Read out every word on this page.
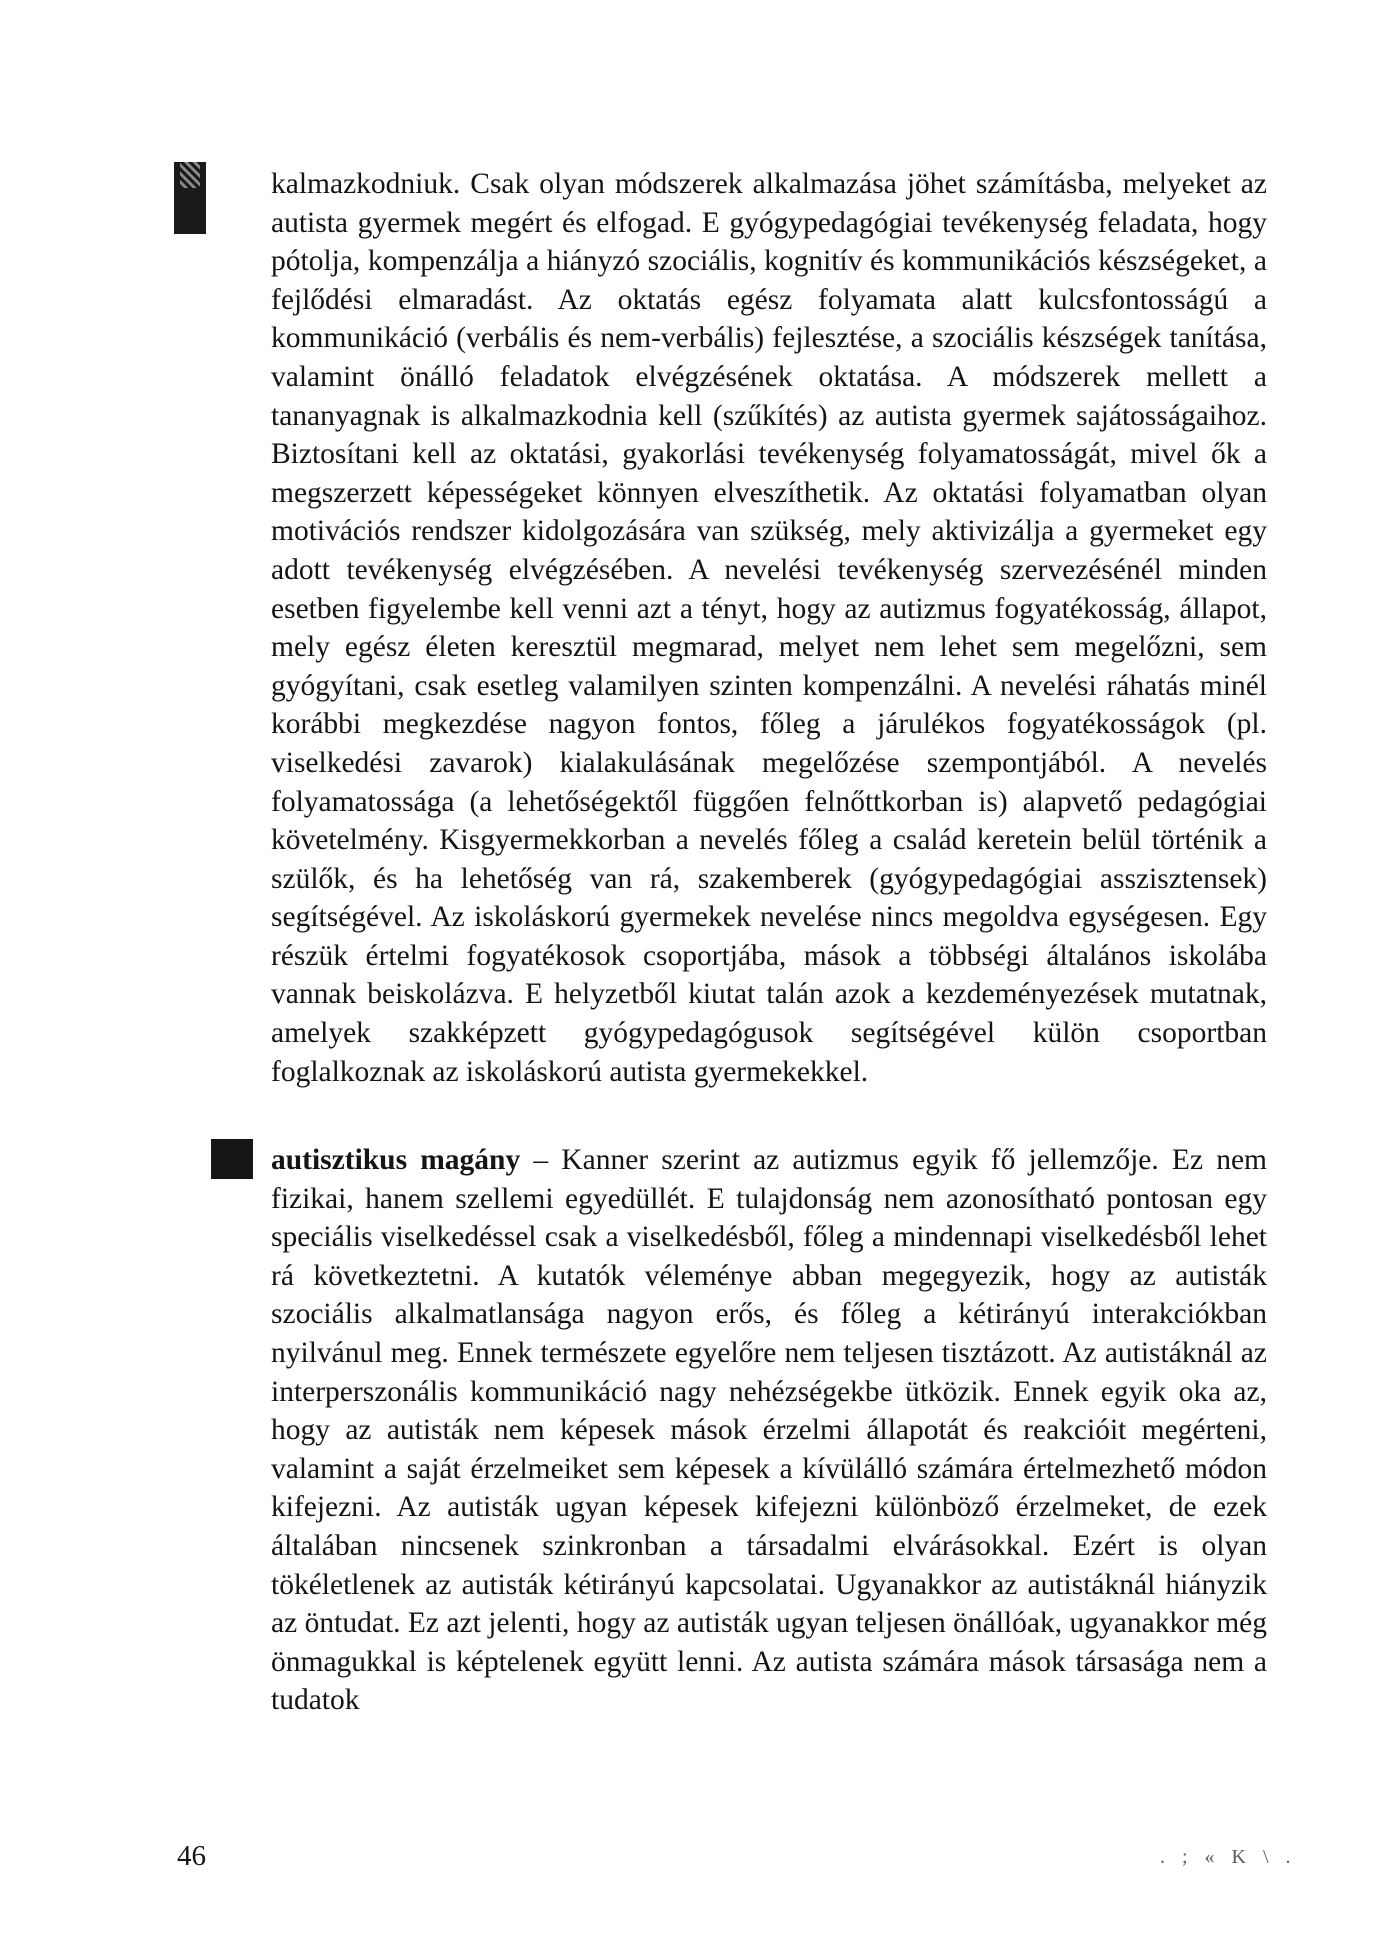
kalmazkodniuk. Csak olyan módszerek alkalmazása jöhet számításba, melyeket az autista gyermek megért és elfogad. E gyógypedagógiai tevékenység feladata, hogy pótolja, kompenzálja a hiányzó szociális, kognitív és kommunikációs készségeket, a fejlődési elmaradást. Az oktatás egész folyamata alatt kulcsfontosságú a kommunikáció (verbális és nem-verbális) fejlesztése, a szociális készségek tanítása, valamint önálló feladatok elvégzésének oktatása. A módszerek mellett a tananyagnak is alkalmazkodnia kell (szűkítés) az autista gyermek sajátosságaihoz. Biztosítani kell az oktatási, gyakorlási tevékenység folyamatosságát, mivel ők a megszerzett képességeket könnyen elveszíthetik. Az oktatási folyamatban olyan motivációs rendszer kidolgozására van szükség, mely aktivizálja a gyermeket egy adott tevékenység elvégzésében. A nevelési tevékenység szervezésénél minden esetben figyelembe kell venni azt a tényt, hogy az autizmus fogyatékosság, állapot, mely egész életen keresztül megmarad, melyet nem lehet sem megelőzni, sem gyógyítani, csak esetleg valamilyen szinten kompenzálni. A nevelési ráhatás minél korábbi megkezdése nagyon fontos, főleg a járulékos fogyatékosságok (pl. viselkedési zavarok) kialakulásának megelőzése szempontjából. A nevelés folyamatossága (a lehetőségektől függően felnőttkorban is) alapvető pedagógiai követelmény. Kisgyermekkorban a nevelés főleg a család keretein belül történik a szülők, és ha lehetőség van rá, szakemberek (gyógypedagógiai asszisztensek) segítségével. Az iskoláskorú gyermekek nevelése nincs megoldva egységesen. Egy részük értelmi fogyatékosok csoportjába, mások a többségi általános iskolába vannak beiskolázva. E helyzetből kiutat talán azok a kezdeményezések mutatnak, amelyek szakképzett gyógypedagógusok segítségével külön csoportban foglalkoznak az iskoláskorú autista gyermekekkel.

autisztikus magány – Kanner szerint az autizmus egyik fő jellemzője. Ez nem fizikai, hanem szellemi egyedüllét. E tulajdonság nem azonosítható pontosan egy speciális viselkedéssel csak a viselkedésből, főleg a mindennapi viselkedésből lehet rá következtetni. A kutatók véleménye abban megegyezik, hogy az autisták szociális alkalmatlansága nagyon erős, és főleg a kétirányú interakciókban nyilvánul meg. Ennek természete egyelőre nem teljesen tisztázott. Az autistáknál az interperszonális kommunikáció nagy nehézségekbe ütközik. Ennek egyik oka az, hogy az autisták nem képesek mások érzelmi állapotát és reakcióit megérteni, valamint a saját érzelmeiket sem képesek a kívülálló számára értelmezhető módon kifejezni. Az autisták ugyan képesek kifejezni különböző érzelmeket, de ezek általában nincsenek szinkronban a társadalmi elvárásokkal. Ezért is olyan tökéletlenek az autisták kétirányú kapcsolatai. Ugyanakkor az autistáknál hiányzik az öntudat. Ez azt jelenti, hogy az autisták ugyan teljesen önállóak, ugyanakkor még önmagukkal is képtelenek együtt lenni. Az autista számára mások társasága nem a tudatok

46	. ; « K \ .
